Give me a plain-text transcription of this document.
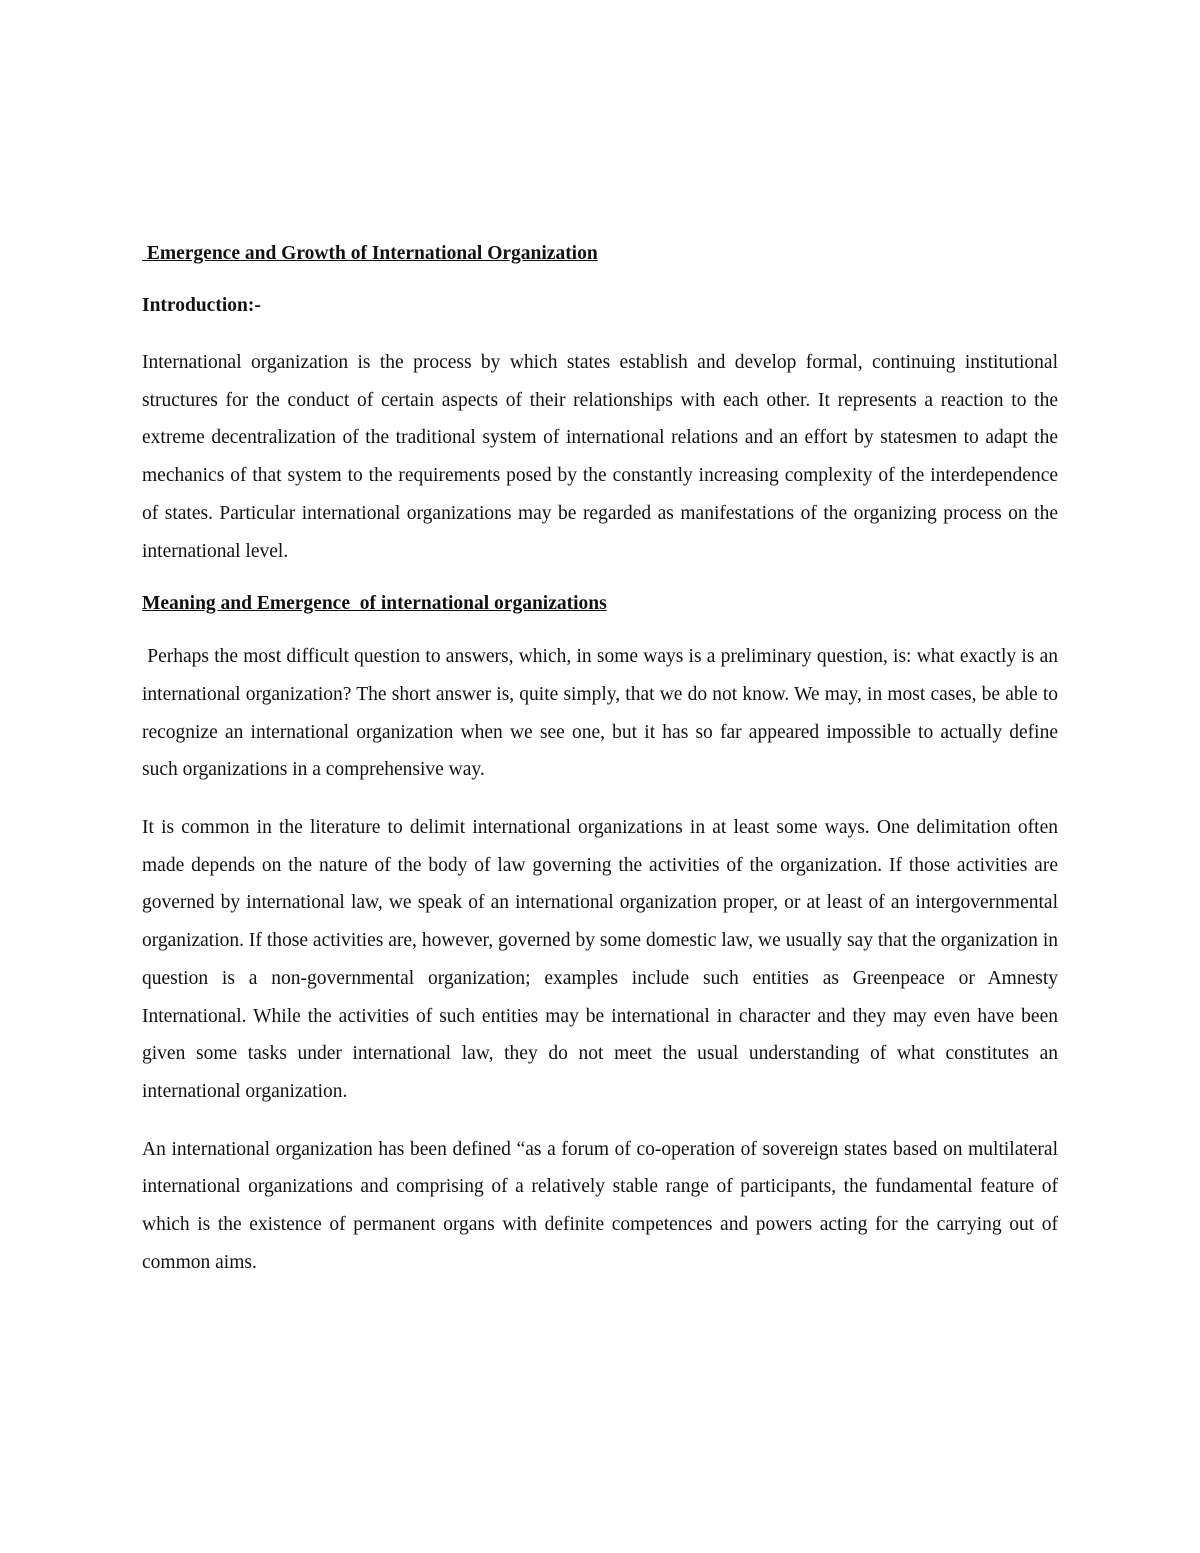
Emergence and Growth of International Organization
Introduction:-

International organization is the process by which states establish and develop formal, continuing institutional structures for the conduct of certain aspects of their relationships with each other. It represents a reaction to the extreme decentralization of the traditional system of international relations and an effort by statesmen to adapt the mechanics of that system to the requirements posed by the constantly increasing complexity of the interdependence of states. Particular international organizations may be regarded as manifestations of the organizing process on the international level.

Meaning and Emergence  of international organizations

Perhaps the most difficult question to answers, which, in some ways is a preliminary question, is: what exactly is an international organization? The short answer is, quite simply, that we do not know. We may, in most cases, be able to recognize an international organization when we see one, but it has so far appeared impossible to actually define such organizations in a comprehensive way.

It is common in the literature to delimit international organizations in at least some ways. One delimitation often made depends on the nature of the body of law governing the activities of the organization. If those activities are governed by international law, we speak of an international organization proper, or at least of an intergovernmental organization. If those activities are, however, governed by some domestic law, we usually say that the organization in question is a non-governmental organization; examples include such entities as Greenpeace or Amnesty International. While the activities of such entities may be international in character and they may even have been given some tasks under international law, they do not meet the usual understanding of what constitutes an international organization.

An international organization has been defined “as a forum of co-operation of sovereign states based on multilateral international organizations and comprising of a relatively stable range of participants, the fundamental feature of which is the existence of permanent organs with definite competences and powers acting for the carrying out of common aims.
